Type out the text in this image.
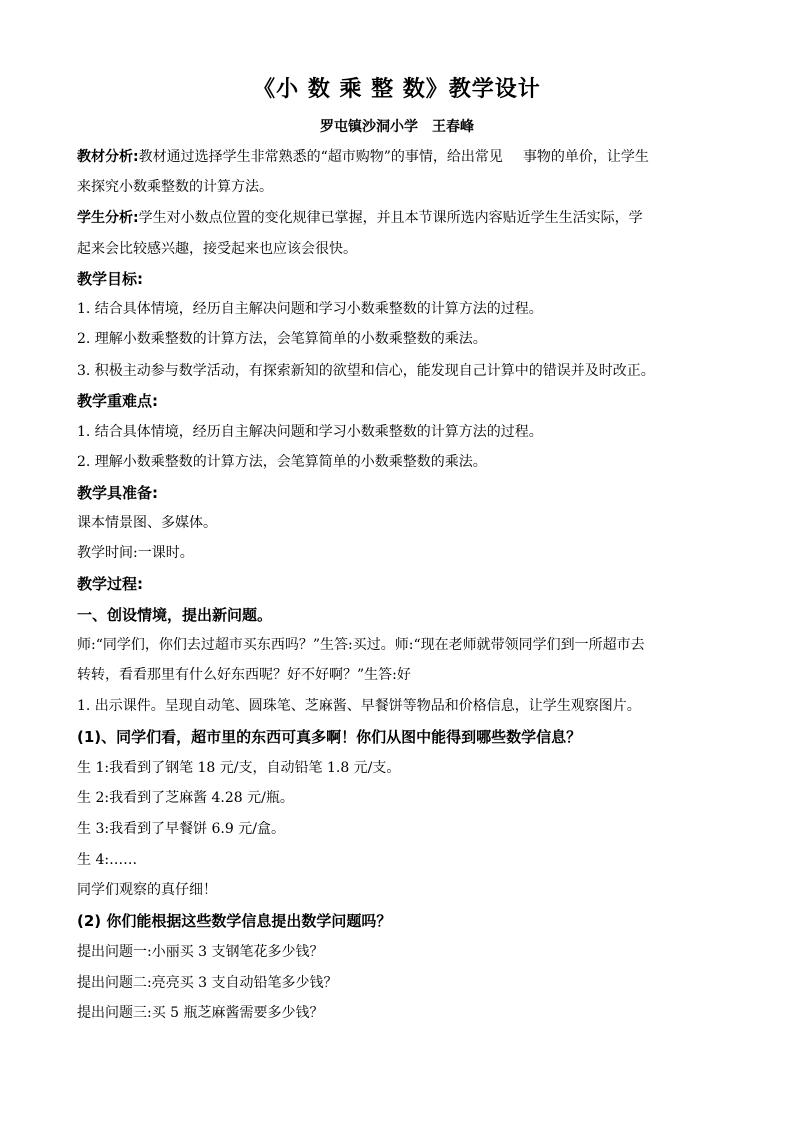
《小 数 乘 整 数》教学设计
罗屯镇沙洞小学　王春峰
教材分析:教材通过选择学生非常熟悉的“超市购物”的事情，给出常见 事物的单价，让学生
来探究小数乘整数的计算方法。
学生分析:学生对小数点位置的变化规律已掌握，并且本节课所选内容贴近学生生活实际，学
起来会比较感兴趣，接受起来也应该会很快。
教学目标:
1. 结合具体情境，经历自主解决问题和学习小数乘整数的计算方法的过程。
2. 理解小数乘整数的计算方法，会笔算简单的小数乘整数的乘法。
3. 积极主动参与数学活动，有探索新知的欲望和信心，能发现自己计算中的错误并及时改正。
教学重难点:
1. 结合具体情境，经历自主解决问题和学习小数乘整数的计算方法的过程。
2. 理解小数乘整数的计算方法，会笔算简单的小数乘整数的乘法。
教学具准备:
课本情景图、多媒体。
教学时间:一课时。
教学过程:
一、创设情境，提出新问题。
师:“同学们，你们去过超市买东西吗？”生答:买过。师:“现在老师就带领同学们到一所超市去
转转，看看那里有什么好东西呢？好不好啊？”生答:好
1. 出示课件。呈现自动笔、圆珠笔、芝麻酱、早餐饼等物品和价格信息，让学生观察图片。
(1)、同学们看，超市里的东西可真多啊！你们从图中能得到哪些数学信息？
生 1:我看到了钢笔 18 元/支，自动铅笔 1.8 元/支。
生 2:我看到了芝麻酱 4.28 元/瓶。
生 3:我看到了早餐饼 6.9 元/盒。
生 4:……
同学们观察的真仔细！
(2) 你们能根据这些数学信息提出数学问题吗？
提出问题一:小丽买 3 支钢笔花多少钱？
提出问题二:亮亮买 3 支自动铅笔多少钱？
提出问题三:买 5 瓶芝麻酱需要多少钱？
